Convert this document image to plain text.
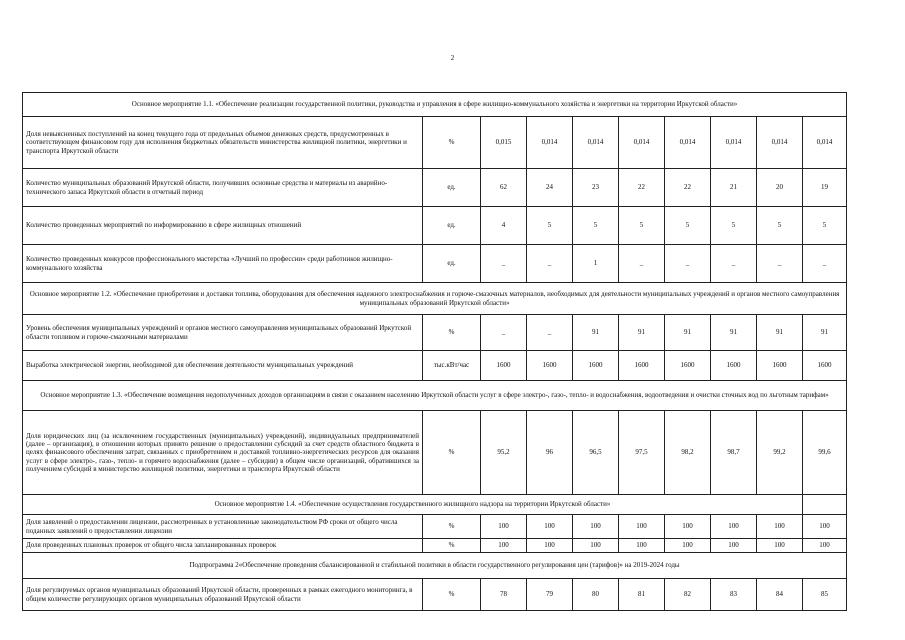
2
Основное мероприятие 1.1. «Обеспечение реализации государственной политики, руководства и управления в сфере жилищно-коммунального хозяйства и энергетики на территории Иркутской области»									
Доля невыясненных поступлений на конец текущего года от предельных объемов денежных средств, предусмотренных в соответствующем финансовом году для исполнения бюджетных обязательств министерства жилищной политики, энергетики и транспорта Иркутской области	%	0,015	0,014	0,014	0,014	0,014	0,014	0,014	0,014
Количество муниципальных образований Иркутской области, получивших основные средства и материалы из аварийно-технического запаса Иркутской области в отчетный период	ед.	62	24	23	22	22	21	20	19
Количество проведенных мероприятий по информированию в сфере жилищных отношений	ед.	4	5	5	5	5	5	5	5
Количество проведенных конкурсов профессионального мастерства «Лучший по профессии» среди работников жилищно-коммунального хозяйства	ед.	_	_	1	_	_	_	_	_
Основное мероприятие 1.2. «Обеспечение приобретения и доставки топлива, оборудования для обеспечения надежного электроснабжения и горюче-смазочных материалов, необходимых для деятельности муниципальных учреждений и органов местного самоуправления муниципальных образований Иркутской области»									
Уровень обеспечения муниципальных учреждений и органов местного самоуправления муниципальных образований Иркутской области топливом и горюче-смазочными материалами	%	_	_	91	91	91	91	91	91
Выработка электрической энергии, необходимой для обеспечения деятельности муниципальных учреждений	тыс.кВт/час	1600	1600	1600	1600	1600	1600	1600	1600
Основное мероприятие 1.3. «Обеспечение возмещения недополученных доходов организациям в связи с оказанием населению Иркутской области услуг в сфере электро-, газо-, тепло- и водоснабжения, водоотведения и очистки сточных вод по льготным тарифам»									
Доля юридических лиц (за исключением государственных (муниципальных) учреждений), индивидуальных предпринимателей (далее – организация), в отношении которых принято решение о предоставлении субсидий за счет средств областного бюджета в целях финансового обеспечения затрат, связанных с приобретением и доставкой топливно-энергетических ресурсов для оказания услуг в сфере электро-, газо-, тепло- и горячего водоснабжения (далее – субсидии) в общем числе организаций, обратившихся за получением субсидий в министерство жилищной политики, энергетики и транспорта Иркутской области	%	95,2	96	96,5	97,5	98,2	98,7	99,2	99,6
Основное мероприятие 1.4. «Обеспечение осуществления государственного жилищного надзора на территории Иркутской области»									
Доля заявлений о предоставлении лицензии, рассмотренных в установленные законодательством РФ сроки от общего числа поданных заявлений о предоставлении лицензии	%	100	100	100	100	100	100	100	100
Доля проведенных плановых проверок от общего числа запланированных проверок	%	100	100	100	100	100	100	100	100
Подпрограмма 2«Обеспечение проведения сбалансированной и стабильной политики в области государственного регулирования цен (тарифов)» на 2019-2024 годы									
Доля регулируемых органов муниципальных образований Иркутской области, проверенных в рамках ежегодного мониторинга, в общем количестве регулирующих органов муниципальных образований Иркутской области	%	78	79	80	81	82	83	84	85
